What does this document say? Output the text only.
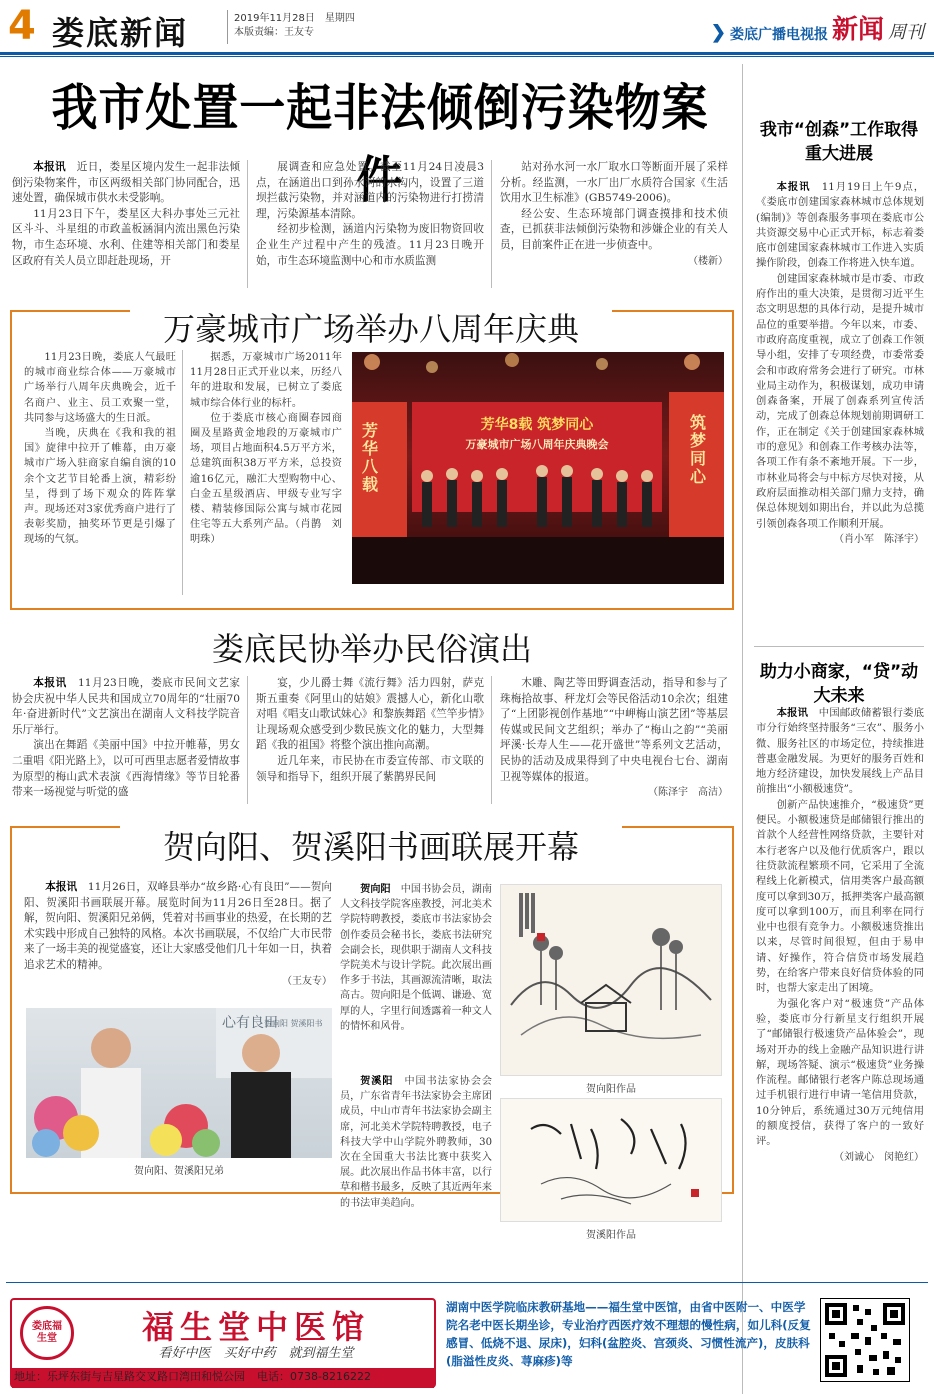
4 娄底新闻	2019年11月28日　星期四
本版责编：王友专	❯ 娄底广播电视报 新闻 周刊
我市处置一起非法倾倒污染物案件

本报讯　 近日，娄星区境内发生一起非法倾倒污染物案件，市区两级相关部门协同配合，迅速处置，确保城市供水未受影响。

11月23日下午，娄星区大科办事处三元社区斗斗、斗星组的市政盖板涵洞内流出黑色污染物，市生态环境、水利、住建等相关部门和娄星区政府有关人员立即赶赴现场，开

展调查和应急处置。截至11月24日凌晨3点，在涵道出口到孙水河的水沟内，设置了三道坝拦截污染物，并对涵道内的污染物进行打捞清理，污染源基本清除。

经初步检测，涵道内污染物为废旧物资回收企业生产过程中产生的残渣。11月23日晚开始，市生态环境监测中心和市水质监测

站对孙水河一水厂取水口等断面开展了采样分析。经监测，一水厂出厂水质符合国家《生活饮用水卫生标准》(GB5749-2006)。

经公安、生态环境部门调查摸排和技术侦查，已抓获非法倾倒污染物和涉嫌企业的有关人员，目前案件正在进一步侦查中。

（楼新）
万豪城市广场举办八周年庆典

11月23日晚，娄底人气最旺的城市商业综合体——万豪城市广场举行八周年庆典晚会，近千名商户、业主、员工欢聚一堂，共同参与这场盛大的生日派。

当晚，庆典在《我和我的祖国》旋律中拉开了帷幕，由万豪城市广场入驻商家自编自演的10余个文艺节目轮番上演，精彩纷呈，得到了场下观众的阵阵掌声。现场还对3家优秀商户进行了表彰奖励，抽奖环节更是引爆了现场的气氛。

据悉，万豪城市广场2011年11月28日正式开业以来，历经八年的进取和发展，已树立了娄底城市综合体行业的标杆。

位于娄底市核心商圈春园商圈及星路黄金地段的万豪城市广场，项目占地面积4.5万平方米，总建筑面积38万平方米，总投资逾16亿元，融汇大型购物中心、白金五星级酒店、甲级专业写字楼、精装修国际公寓与城市花园住宅等五大系列产品。（肖鹊　刘明珠）

芳华8载 筑梦同心
万豪城市广场八周年庆典晚会
芳华八载
筑梦同心
娄底民协举办民俗演出

本报讯　 11月23日晚，娄底市民间文艺家协会庆祝中华人民共和国成立70周年的“壮丽70年·奋进新时代”文艺演出在湖南人文科技学院音乐厅举行。

演出在舞蹈《美丽中国》中拉开帷幕，男女二重唱《阳光路上》，以可可西里志愿者爱情故事为原型的梅山武术表演《西海情缘》等节目轮番带来一场视觉与听觉的盛

宴，少儿爵士舞《流行舞》活力四射，萨克斯五重奏《阿里山的姑娘》震撼人心，新化山歌对唱《唱支山歌试妹心》和黎族舞蹈《竺竿步情》让现场观众感受到少数民族文化的魅力，大型舞蹈《我的祖国》将整个演出推向高潮。

近几年来，市民协在市委宣传部、市文联的领导和指导下，组织开展了紫鹊界民间

木雕、陶艺等田野调查活动，指导和参与了珠梅拾故事、秤龙灯会等民俗活动10余次；组建了“上团影视创作基地”“中岬梅山演艺团”等基层传媒或民间文艺组织；举办了“梅山之韵”“美丽坪溪·长寿人生——花开盛世”等系列文艺活动，民协的活动及成果得到了中央电视台七台、湖南卫视等媒体的报道。

（陈泽宇　高洁）
贺向阳、贺溪阳书画联展开幕

本报讯　 11月26日，双峰县举办“故乡路·心有良田”——贺向阳、贺溪阳书画联展开幕。展览时间为11月26日至28日。据了解，贺向阳、贺溪阳兄弟俩，凭着对书画事业的热爱，在长期的艺术实践中形成自己独特的风格。本次书画联展，不仅给广大市民带来了一场丰美的视觉盛宴，还让大家感受他们几十年如一日，执着追求艺术的精神。

（王友专）
心有良田
贺向阳 贺溪阳书
贺向阳、贺溪阳兄弟

贺向阳　 中国书协会员，湖南人文科技学院客座教授，河北美术学院特聘教授，娄底市书法家协会创作委员会秘书长，娄底书法研究会副会长，现供职于湖南人文科技学院美术与设计学院。此次展出画作多于书法，其画源流清晰，取法高古。贺向阳是个低调、谦逊、宽厚的人，字里行间透露着一种文人的情怀和风骨。

贺溪阳　 中国书法家协会会员，广东省青年书法家协会主席团成员，中山市青年书法家协会副主席，河北美术学院特聘教授，电子科技大学中山学院外聘教师，30次在全国重大书法比赛中获奖入展。此次展出作品书体丰富，以行草和楷书最多，反映了其近两年来的书法审美趋向。

贺向阳作品
贺溪阳作品
我市“创森”工作取得重大进展

本报讯　 11月19日上午9点，《娄底市创建国家森林城市总体规划(编制)》等创森服务事项在娄底市公共资源交易中心正式开标，标志着娄底市创建国家森林城市工作进入实质操作阶段，创森工作将进入快车道。

创建国家森林城市是市委、市政府作出的重大决策，是贯彻习近平生态文明思想的具体行动，是提升城市品位的重要举措。今年以来，市委、市政府高度重视，成立了创森工作领导小组，安排了专项经费，市委常委会和市政府常务会进行了研究。市林业局主动作为，积极谋划，成功申请创森备案，开展了创森系列宣传活动，完成了创森总体规划前期调研工作，正在制定《关于创建国家森林城市的意见》和创森工作考核办法等，各项工作有条不紊地开展。下一步，市林业局将会与中标方尽快对接，从政府层面推动相关部门鼎力支持，确保总体规划如期出台，并以此为总揽引领创森各项工作顺利开展。

（肖小军　陈泽宇）
助力小商家，“贷”动大未来

本报讯　 中国邮政储蓄银行娄底市分行始终坚持服务“三农”、服务小微、服务社区的市场定位，持续推进普惠金融发展。为更好的服务百姓和地方经济建设，加快发展线上产品目前推出“小额极速贷”。

创新产品快速推介，“极速贷”更便民。小额极速贷是邮储银行推出的首款个人经营性网络贷款，主要针对本行老客户以及他行优质客户，跟以往贷款流程繁琐不同，它采用了全流程线上化新模式，信用类客户最高额度可以拿到30万，抵押类客户最高额度可以拿到100万，而且利率在同行业中也很有竞争力。小额极速贷推出以来，尽管时间很短，但由于易申请、好操作，符合信贷市场发展趋势，在给客户带来良好信贷体验的同时，也帮大家走出了困境。

为强化客户对“极速贷”产品体验，娄底市分行新星支行组织开展了“邮储银行极速贷产品体验会”，现场对开办的线上金融产品知识进行讲解，现场答疑、演示“极速贷”业务操作流程。邮储银行老客户陈总现场通过手机银行进行申请一笔信用贷款，10分钟后，系统通过30万元纯信用的额度授信，获得了客户的一致好评。

（刘诚心　闵艳红）
娄底福生堂	福生堂中医馆
看好中医　买好中药　就到福生堂
地址：乐坪东街与吉星路交叉路口湾田和悦公园 电话：0738-8216222
湖南中医学院临床教研基地——福生堂中医馆，由省中医附一、中医学院名老中医长期坐诊，专业治疗西医疗效不理想的慢性病，如儿科(反复感冒、低烧不退、尿床)，妇科(盆腔炎、宫颈炎、习惯性流产)，皮肤科(脂溢性皮炎、荨麻疹)等
